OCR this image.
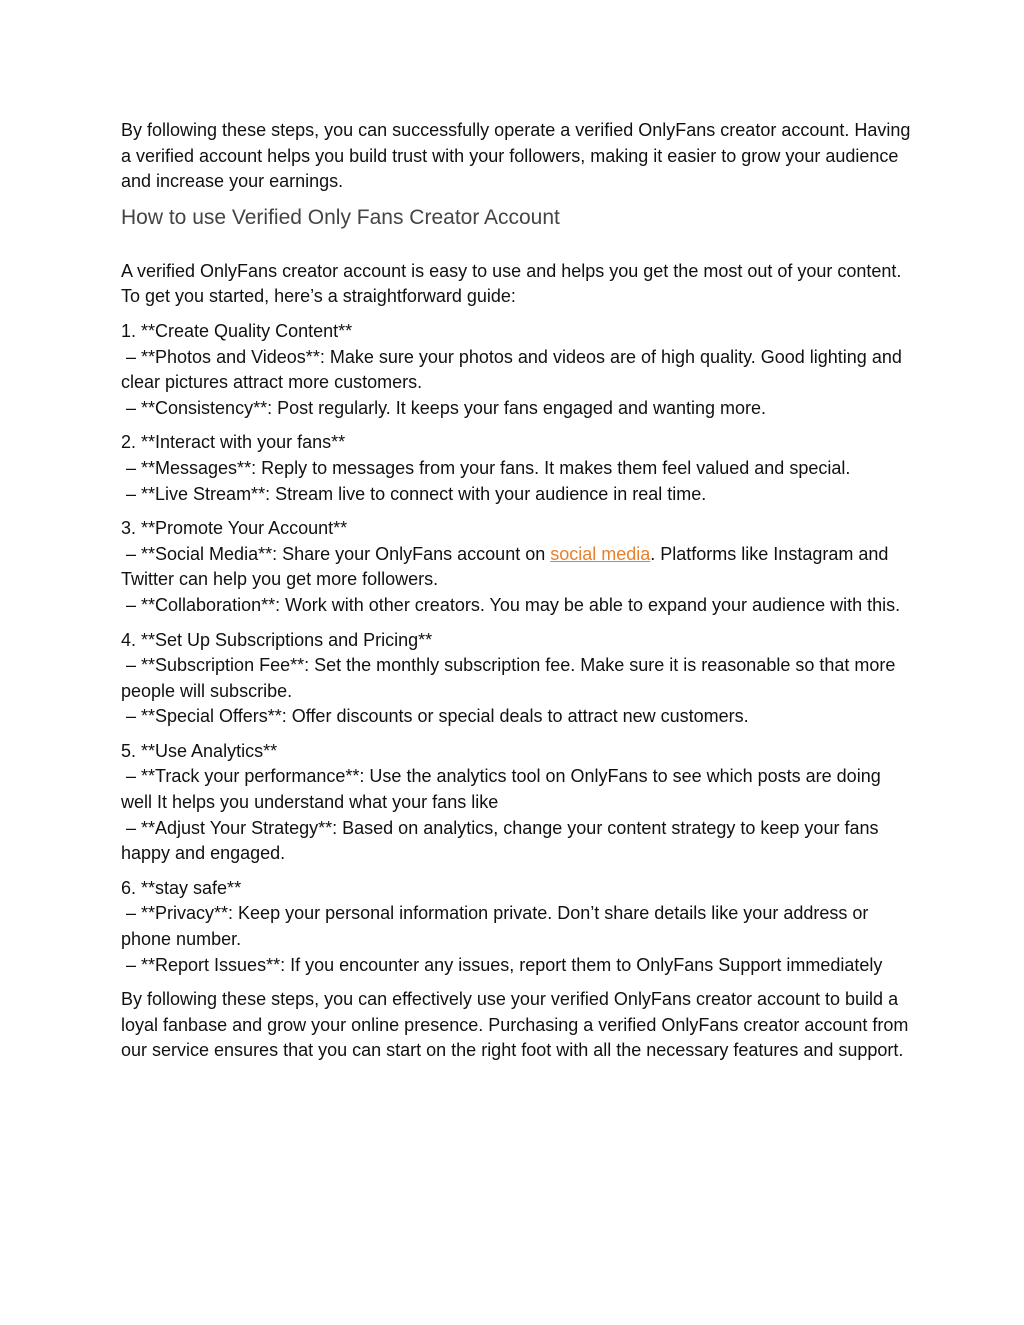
By following these steps, you can successfully operate a verified OnlyFans creator account. Having a verified account helps you build trust with your followers, making it easier to grow your audience and increase your earnings.

How to use Verified Only Fans Creator Account

A verified OnlyFans creator account is easy to use and helps you get the most out of your content. To get you started, here’s a straightforward guide:

1. **Create Quality Content**
– **Photos and Videos**: Make sure your photos and videos are of high quality. Good lighting and clear pictures attract more customers.
– **Consistency**: Post regularly. It keeps your fans engaged and wanting more.
2. **Interact with your fans**
– **Messages**: Reply to messages from your fans. It makes them feel valued and special.
– **Live Stream**: Stream live to connect with your audience in real time.
3. **Promote Your Account**
– **Social Media**: Share your OnlyFans account on social media. Platforms like Instagram and Twitter can help you get more followers.
– **Collaboration**: Work with other creators. You may be able to expand your audience with this.
4. **Set Up Subscriptions and Pricing**
– **Subscription Fee**: Set the monthly subscription fee. Make sure it is reasonable so that more people will subscribe.
– **Special Offers**: Offer discounts or special deals to attract new customers.
5. **Use Analytics**
– **Track your performance**: Use the analytics tool on OnlyFans to see which posts are doing well It helps you understand what your fans like
– **Adjust Your Strategy**: Based on analytics, change your content strategy to keep your fans happy and engaged.
6. **stay safe**
– **Privacy**: Keep your personal information private. Don’t share details like your address or phone number.
– **Report Issues**: If you encounter any issues, report them to OnlyFans Support immediately

By following these steps, you can effectively use your verified OnlyFans creator account to build a loyal fanbase and grow your online presence. Purchasing a verified OnlyFans creator account from our service ensures that you can start on the right foot with all the necessary features and support.
